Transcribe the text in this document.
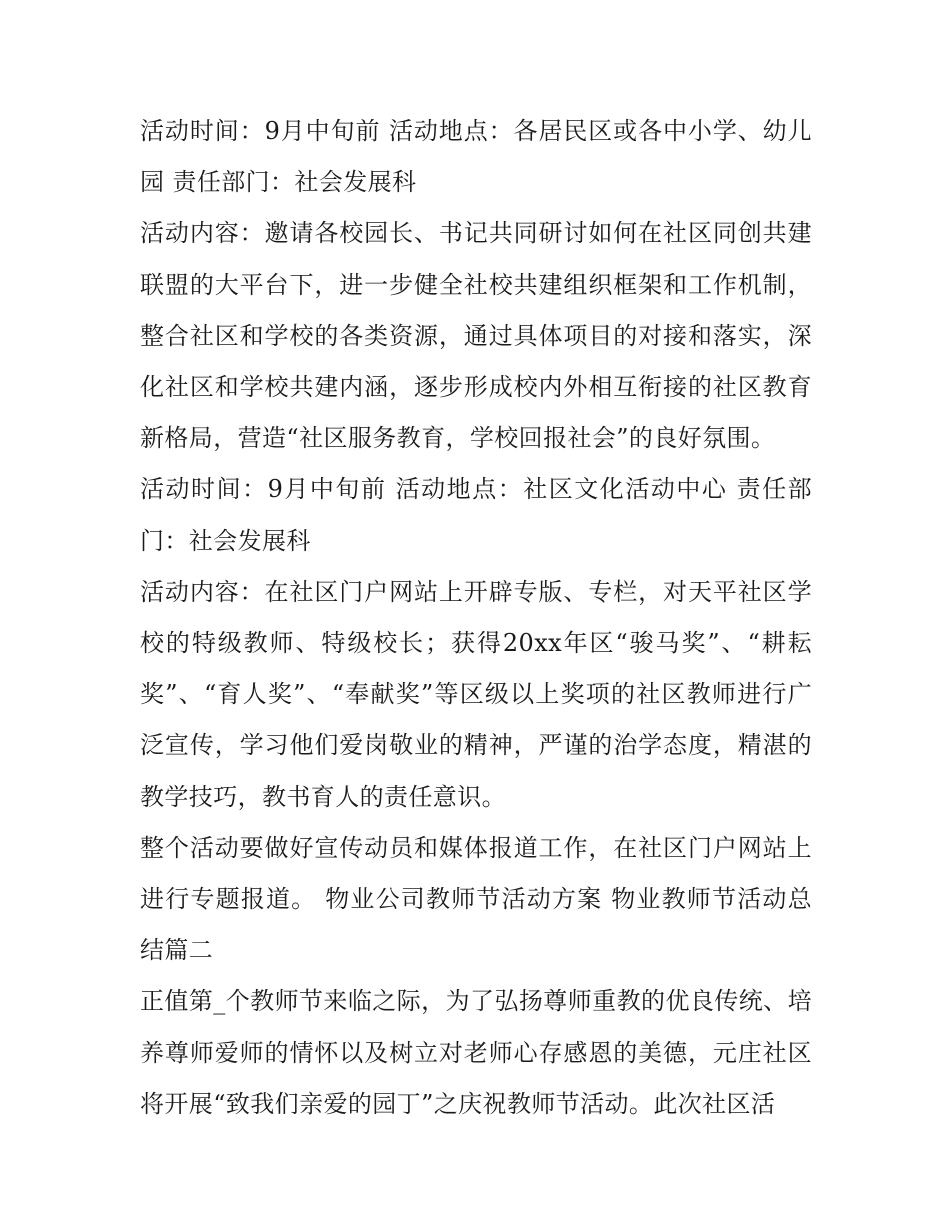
活动时间：9月中旬前 活动地点：各居民区或各中小学、幼儿园 责任部门：社会发展科

活动内容：邀请各校园长、书记共同研讨如何在社区同创共建联盟的大平台下，进一步健全社校共建组织框架和工作机制，整合社区和学校的各类资源，通过具体项目的对接和落实，深化社区和学校共建内涵，逐步形成校内外相互衔接的社区教育新格局，营造“社区服务教育，学校回报社会”的良好氛围。

活动时间：9月中旬前 活动地点：社区文化活动中心 责任部门：社会发展科

活动内容：在社区门户网站上开辟专版、专栏，对天平社区学校的特级教师、特级校长；获得20xx年区“骏马奖”、“耕耘奖”、“育人奖”、“奉献奖”等区级以上奖项的社区教师进行广泛宣传，学习他们爱岗敬业的精神，严谨的治学态度，精湛的教学技巧，教书育人的责任意识。

整个活动要做好宣传动员和媒体报道工作，在社区门户网站上进行专题报道。 物业公司教师节活动方案 物业教师节活动总结篇二

正值第_个教师节来临之际，为了弘扬尊师重教的优良传统、培养尊师爱师的情怀以及树立对老师心存感恩的美德，元庄社区将开展“致我们亲爱的园丁”之庆祝教师节活动。此次社区活
